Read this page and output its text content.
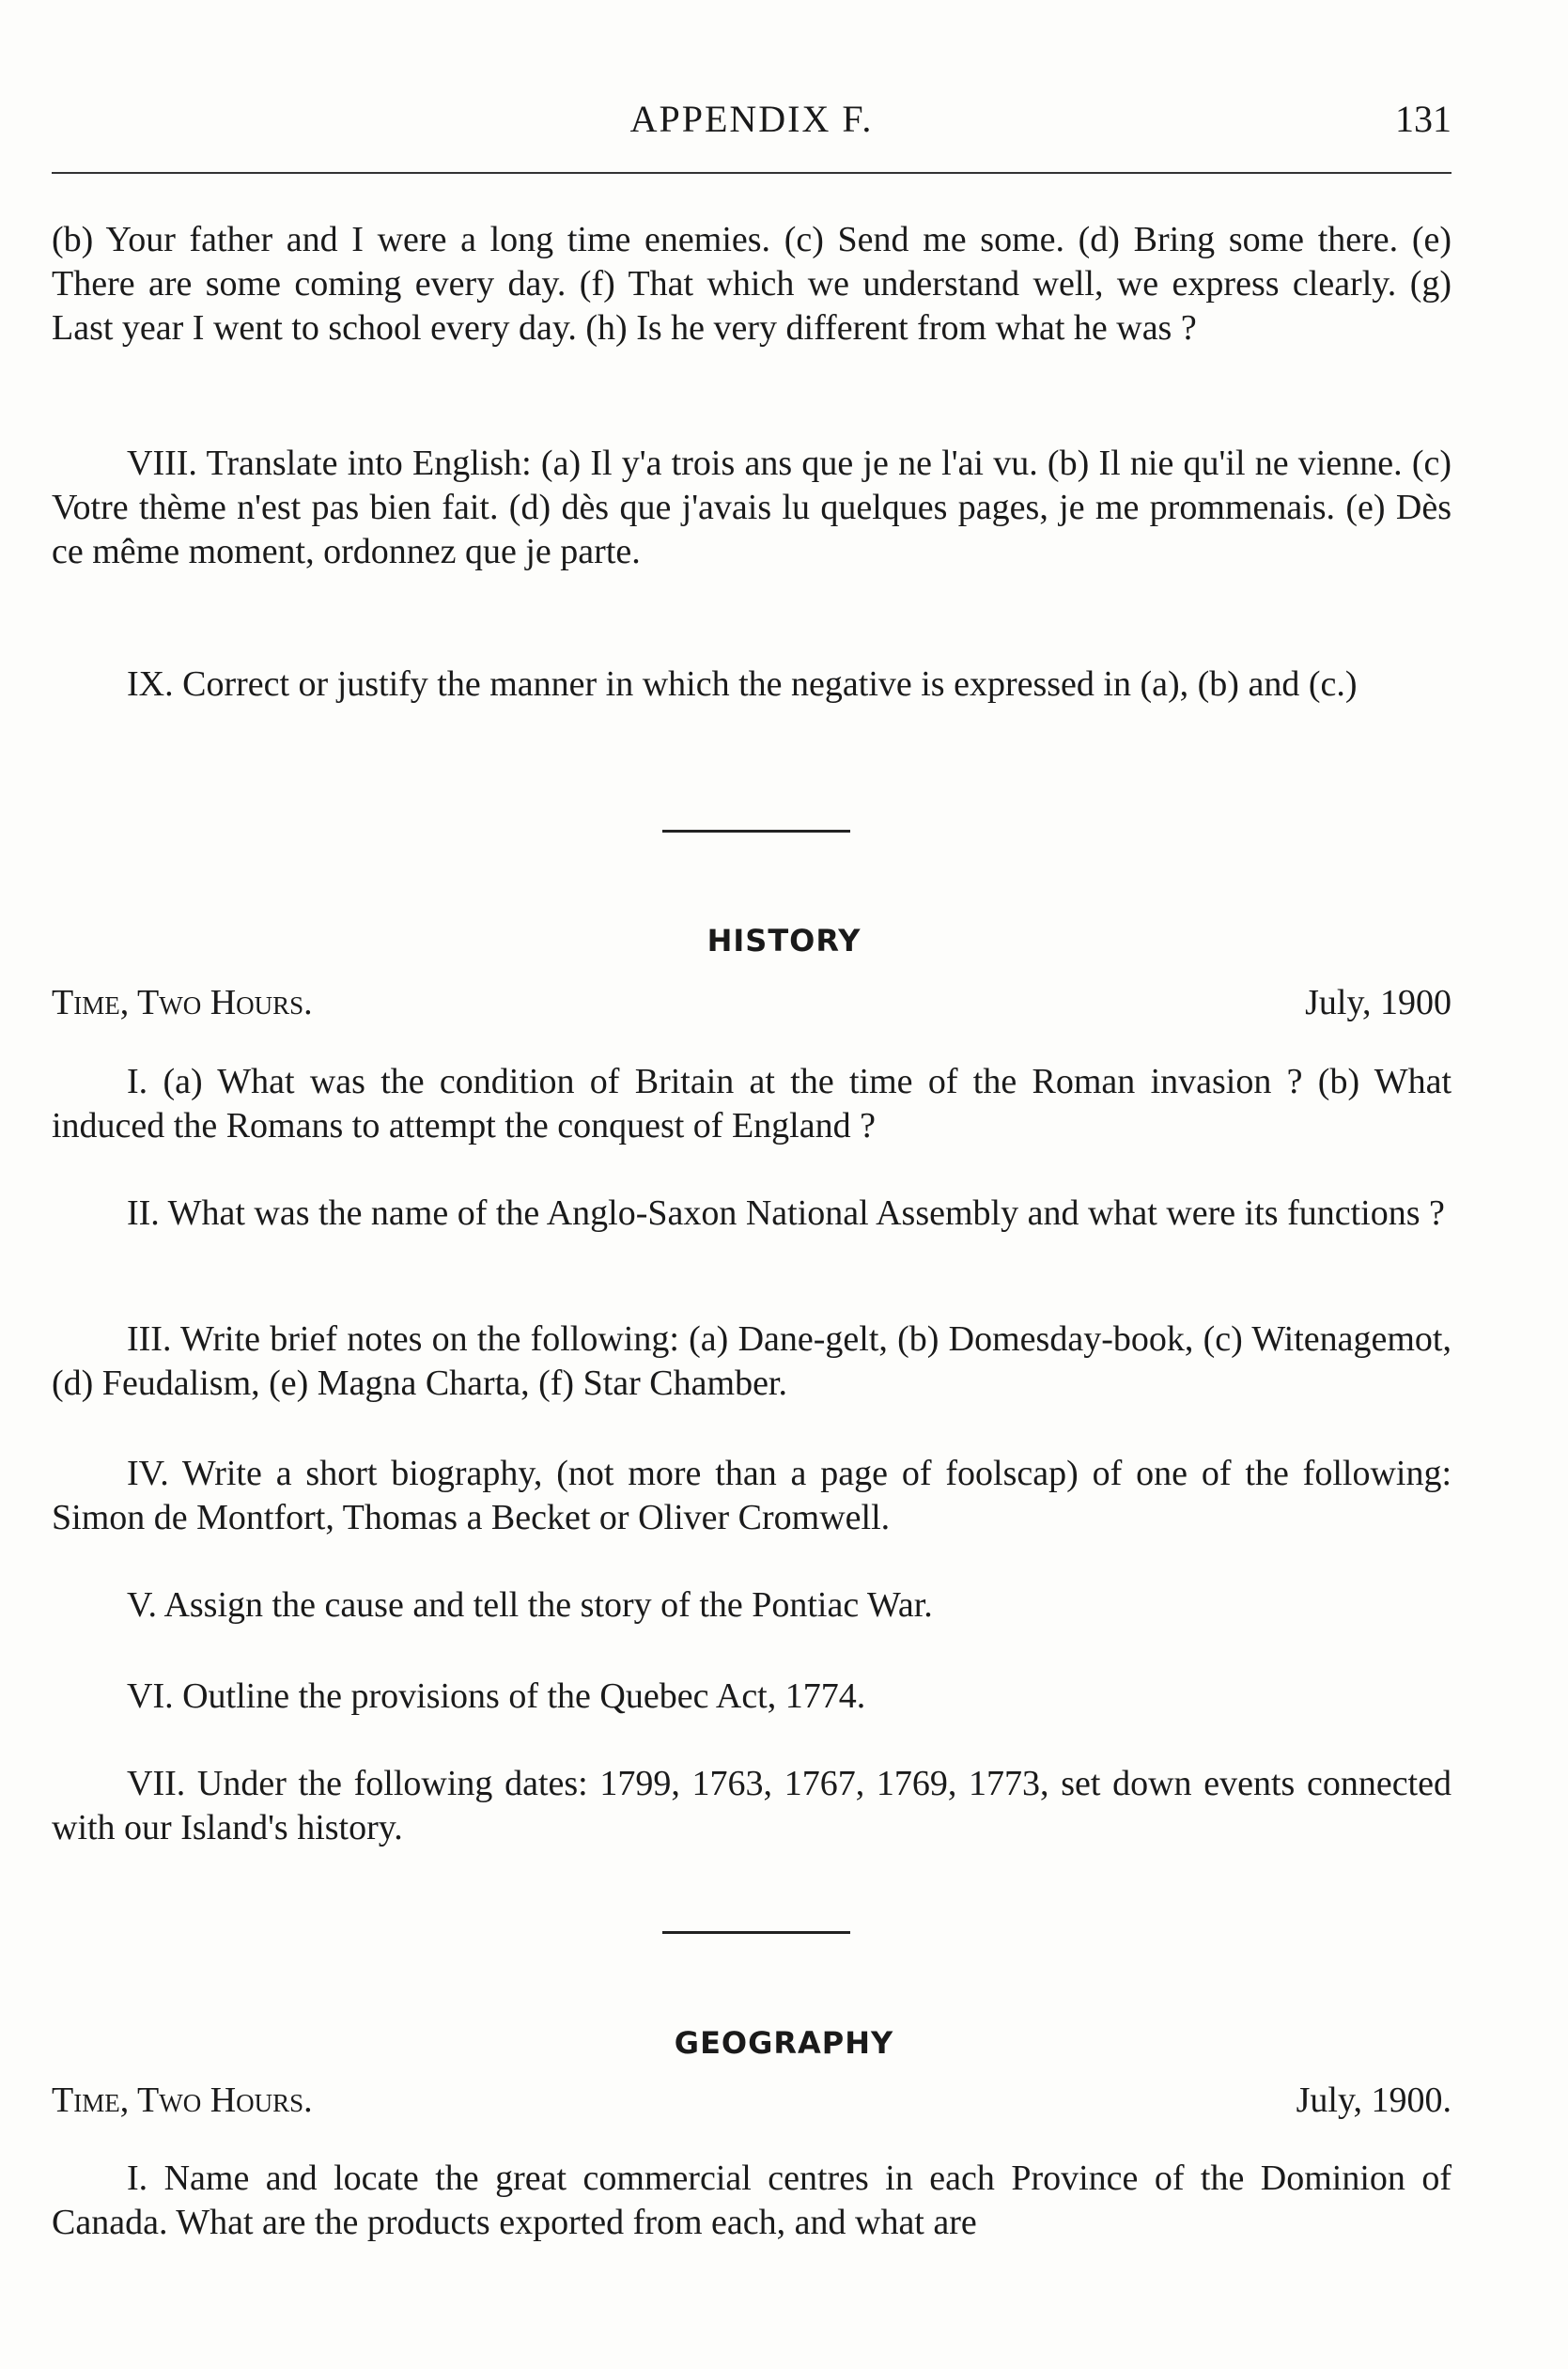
APPENDIX F.	131

(b) Your father and I were a long time enemies. (c) Send me some. (d) Bring some there. (e) There are some coming every day. (f) That which we understand well, we express clearly. (g) Last year I went to school every day. (h) Is he very different from what he was ?

VIII. Translate into English: (a) Il y'a trois ans que je ne l'ai vu. (b) Il nie qu'il ne vienne. (c) Votre thème n'est pas bien fait. (d) dès que j'avais lu quelques pages, je me prommenais. (e) Dès ce même moment, ordonnez que je parte.

IX. Correct or justify the manner in which the negative is expressed in (a), (b) and (c.)

HISTORY
Time, Two Hours.	July, 1900

I. (a) What was the condition of Britain at the time of the Roman invasion ? (b) What induced the Romans to attempt the conquest of England ?

II. What was the name of the Anglo-Saxon National Assembly and what were its functions ?

III. Write brief notes on the following: (a) Dane-gelt, (b) Domesday-book, (c) Witenagemot, (d) Feudalism, (e) Magna Charta, (f) Star Chamber.

IV. Write a short biography, (not more than a page of foolscap) of one of the following: Simon de Montfort, Thomas a Becket or Oliver Cromwell.

V. Assign the cause and tell the story of the Pontiac War.

VI. Outline the provisions of the Quebec Act, 1774.

VII. Under the following dates: 1799, 1763, 1767, 1769, 1773, set down events connected with our Island's history.

GEOGRAPHY
Time, Two Hours.	July, 1900.

I. Name and locate the great commercial centres in each Province of the Dominion of Canada. What are the products exported from each, and what are
